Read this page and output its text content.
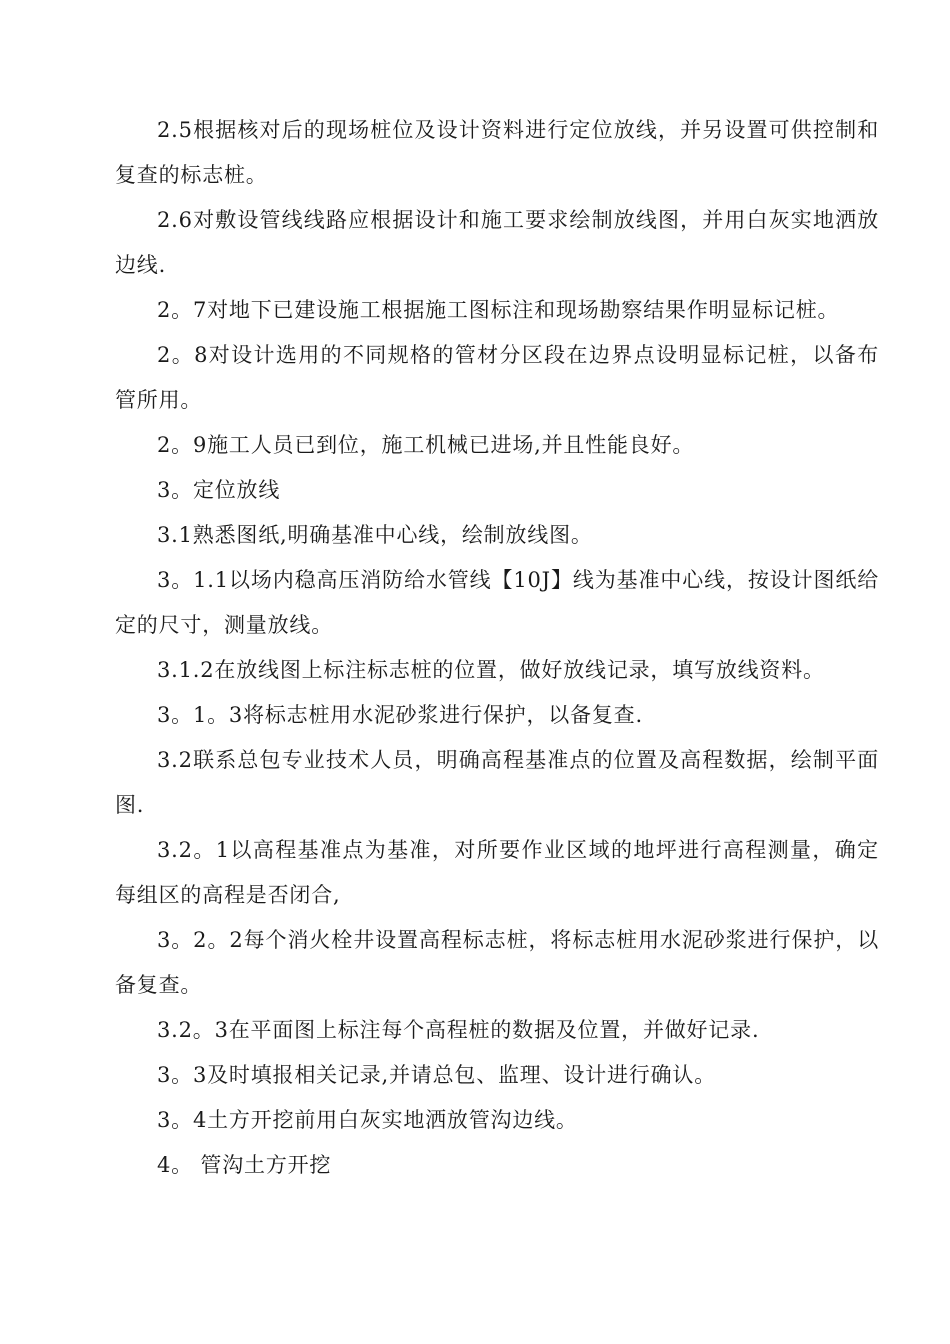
2.5根据核对后的现场桩位及设计资料进行定位放线，并另设置可供控制和复查的标志桩。

2.6对敷设管线线路应根据设计和施工要求绘制放线图，并用白灰实地洒放边线.

2。7对地下已建设施工根据施工图标注和现场勘察结果作明显标记桩。

2。8对设计选用的不同规格的管材分区段在边界点设明显标记桩，以备布管所用。

2。9施工人员已到位，施工机械已进场,并且性能良好。

3。定位放线

3.1熟悉图纸,明确基准中心线，绘制放线图。

3。1.1以场内稳高压消防给水管线【10J】线为基准中心线，按设计图纸给定的尺寸，测量放线。

3.1.2在放线图上标注标志桩的位置，做好放线记录，填写放线资料。

3。1。3将标志桩用水泥砂浆进行保护，以备复查.

3.2联系总包专业技术人员，明确高程基准点的位置及高程数据，绘制平面图.

3.2。1以高程基准点为基准，对所要作业区域的地坪进行高程测量，确定每组区的高程是否闭合,

3。2。2每个消火栓井设置高程标志桩，将标志桩用水泥砂浆进行保护，以备复查。

3.2。3在平面图上标注每个高程桩的数据及位置，并做好记录.

3。3及时填报相关记录,并请总包、监理、设计进行确认。

3。4土方开挖前用白灰实地洒放管沟边线。

4。 管沟土方开挖
